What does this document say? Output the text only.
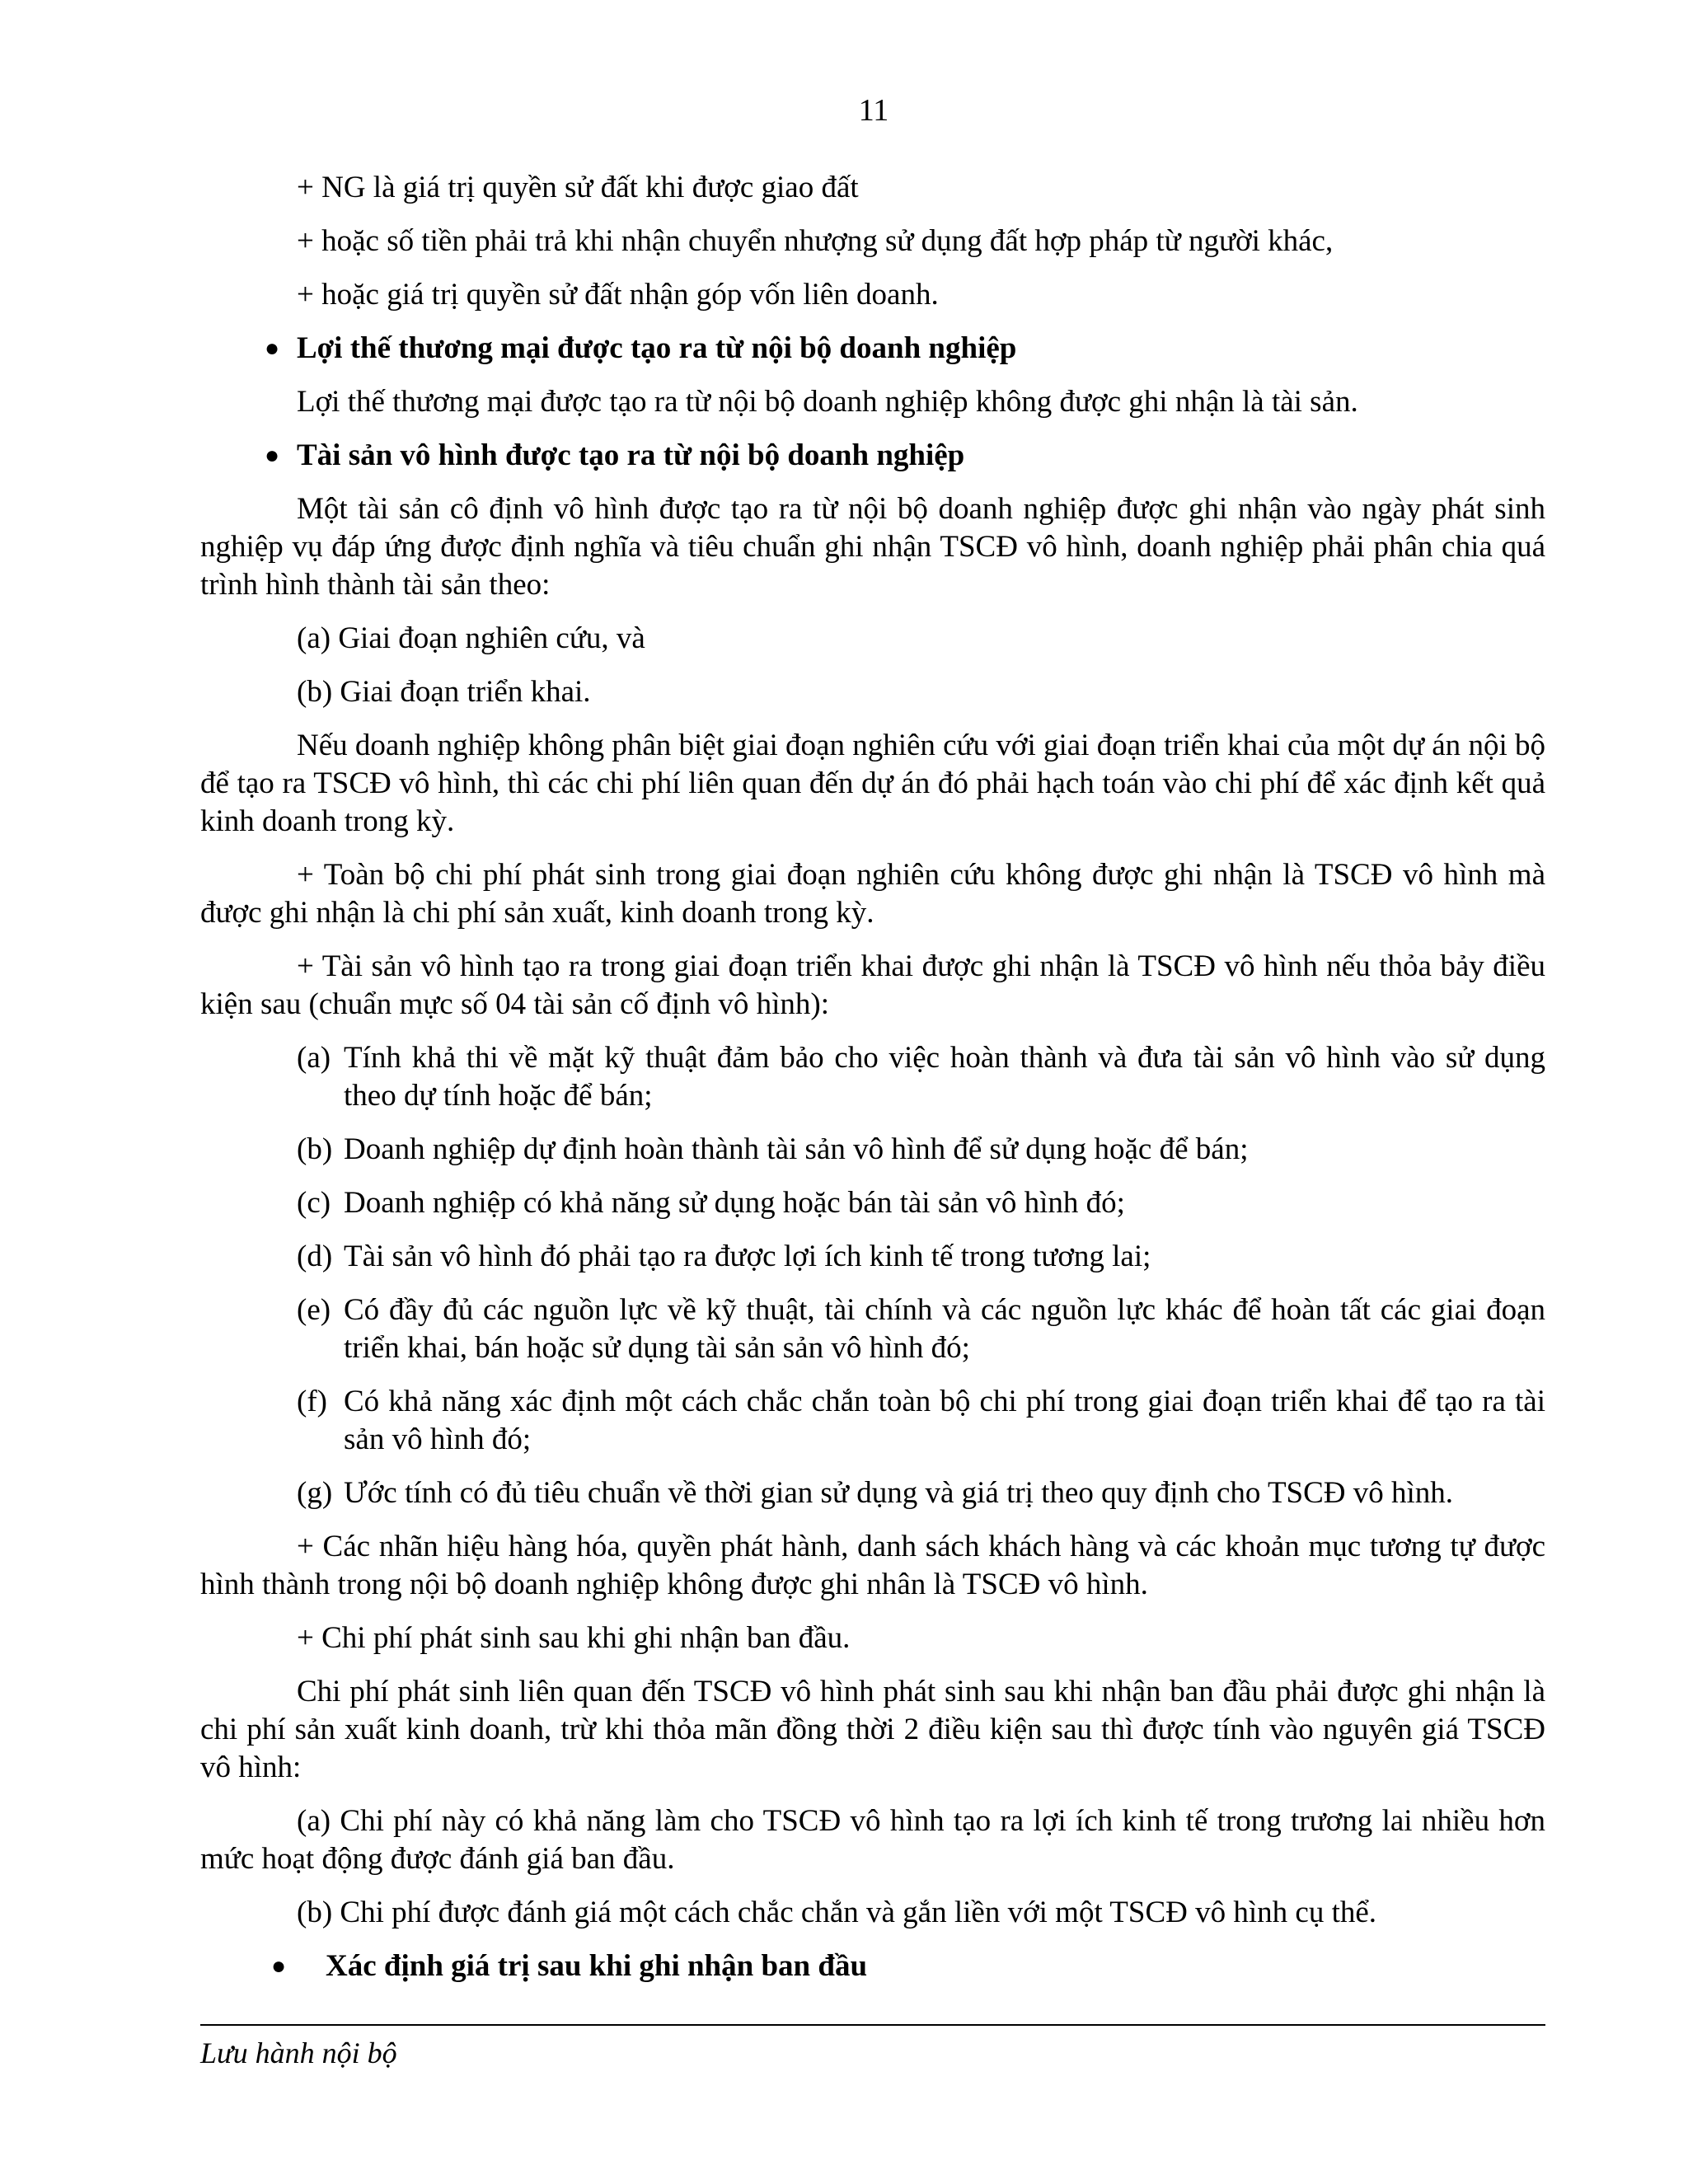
11
+ NG là giá trị quyền sử đất khi được giao đất
+ hoặc số tiền phải trả khi nhận chuyển nhượng sử dụng đất hợp pháp từ người khác,
+ hoặc giá trị quyền sử đất nhận góp vốn liên doanh.
● Lợi thế thương mại được tạo ra từ nội bộ doanh nghiệp
Lợi thế thương mại được tạo ra từ nội bộ doanh nghiệp không được ghi nhận là tài sản.
● Tài sản vô hình được tạo ra từ nội bộ doanh nghiệp
Một tài sản cô định vô hình được tạo ra từ nội bộ doanh nghiệp được ghi nhận vào ngày phát sinh nghiệp vụ đáp ứng được định nghĩa và tiêu chuẩn ghi nhận TSCĐ vô hình, doanh nghiệp phải phân chia quá trình hình thành tài sản theo:
(a) Giai đoạn nghiên cứu, và
(b) Giai đoạn triển khai.
Nếu doanh nghiệp không phân biệt giai đoạn nghiên cứu với giai đoạn triển khai của một dự án nội bộ để tạo ra TSCĐ vô hình, thì các chi phí liên quan đến dự án đó phải hạch toán vào chi phí để xác định kết quả kinh doanh trong kỳ.
+ Toàn bộ chi phí phát sinh trong giai đoạn nghiên cứu không được ghi nhận là TSCĐ vô hình mà được ghi nhận là chi phí sản xuất, kinh doanh trong kỳ.
+ Tài sản vô hình tạo ra trong giai đoạn triển khai được ghi nhận là TSCĐ vô hình nếu thỏa bảy điều kiện sau (chuẩn mực số 04 tài sản cố định vô hình):
(a) Tính khả thi về mặt kỹ thuật đảm bảo cho việc hoàn thành và đưa tài sản vô hình vào sử dụng theo dự tính hoặc để bán;
(b) Doanh nghiệp dự định hoàn thành tài sản vô hình để sử dụng hoặc để bán;
(c) Doanh nghiệp có khả năng sử dụng hoặc bán tài sản vô hình đó;
(d) Tài sản vô hình đó phải tạo ra được lợi ích kinh tế trong tương lai;
(e) Có đầy đủ các nguồn lực về kỹ thuật, tài chính và các nguồn lực khác để hoàn tất các giai đoạn triển khai, bán hoặc sử dụng tài sản sản vô hình đó;
(f) Có khả năng xác định một cách chắc chắn toàn bộ chi phí trong giai đoạn triển khai để tạo ra tài sản vô hình đó;
(g) Ước tính có đủ tiêu chuẩn về thời gian sử dụng và giá trị theo quy định cho TSCĐ vô hình.
+ Các nhãn hiệu hàng hóa, quyền phát hành, danh sách khách hàng và các khoản mục tương tự được hình thành trong nội bộ doanh nghiệp không được ghi nhân là TSCĐ vô hình.
+ Chi phí phát sinh sau khi ghi nhận ban đầu.
Chi phí phát sinh liên quan đến TSCĐ vô hình phát sinh sau khi nhận ban đầu phải được ghi nhận là chi phí sản xuất kinh doanh, trừ khi thỏa mãn đồng thời 2 điều kiện sau thì được tính vào nguyên giá TSCĐ vô hình:
(a) Chi phí này có khả năng làm cho TSCĐ vô hình tạo ra lợi ích kinh tế trong trương lai nhiều hơn mức hoạt động được đánh giá ban đầu.
(b) Chi phí được đánh giá một cách chắc chắn và gắn liền với một TSCĐ vô hình cụ thể.
● Xác định giá trị sau khi ghi nhận ban đầu
Lưu hành nội bộ
